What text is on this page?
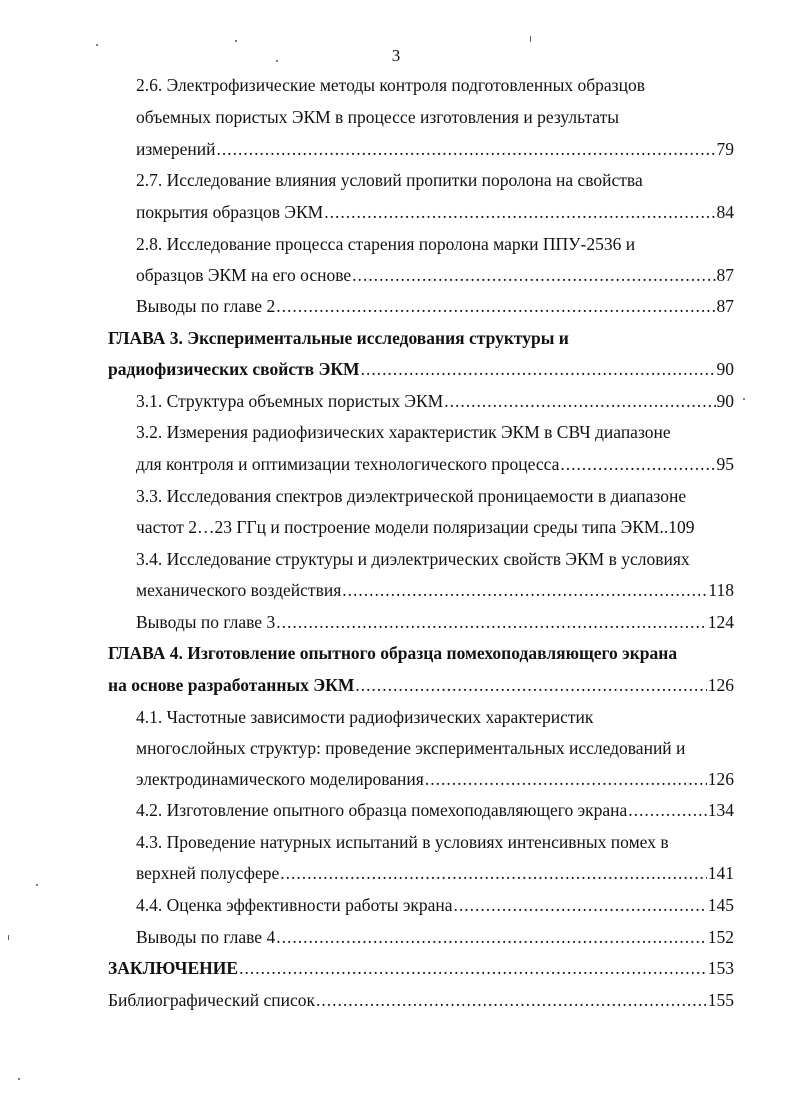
3
2.6. Электрофизические методы контроля подготовленных образцов
объемных пористых ЭКМ в процессе изготовления и результаты
измерений .....	79
2.7. Исследование влияния условий пропитки поролона на свойства
покрытия образцов ЭКМ .....	84
2.8. Исследование процесса старения поролона марки ППУ-2536 и
образцов ЭКМ на его основе .....	87
Выводы по главе 2 .....	87
ГЛАВА 3. Экспериментальные исследования структуры и
радиофизических свойств ЭКМ .....	90
3.1. Структура объемных пористых ЭКМ .....	90
3.2. Измерения радиофизических характеристик ЭКМ в СВЧ диапазоне
для контроля и оптимизации технологического процесса .....	95
3.3. Исследования спектров диэлектрической проницаемости в диапазоне
частот 2…23 ГГц и построение модели поляризации среды типа ЭКМ..109
3.4. Исследование структуры и диэлектрических свойств ЭКМ в условиях
механического воздействия .....	118
Выводы по главе 3 .....	124
ГЛАВА 4. Изготовление опытного образца помехоподавляющего экрана
на основе разработанных ЭКМ .....	126
4.1. Частотные зависимости радиофизических характеристик
многослойных структур: проведение экспериментальных исследований и
электродинамического моделирования .....	126
4.2. Изготовление опытного образца помехоподавляющего экрана .....	134
4.3. Проведение натурных испытаний в условиях интенсивных помех в
верхней полусфере .....	141
4.4. Оценка эффективности работы экрана .....	145
Выводы по главе 4 .....	152
ЗАКЛЮЧЕНИЕ .....	153
Библиографический список .....	155
